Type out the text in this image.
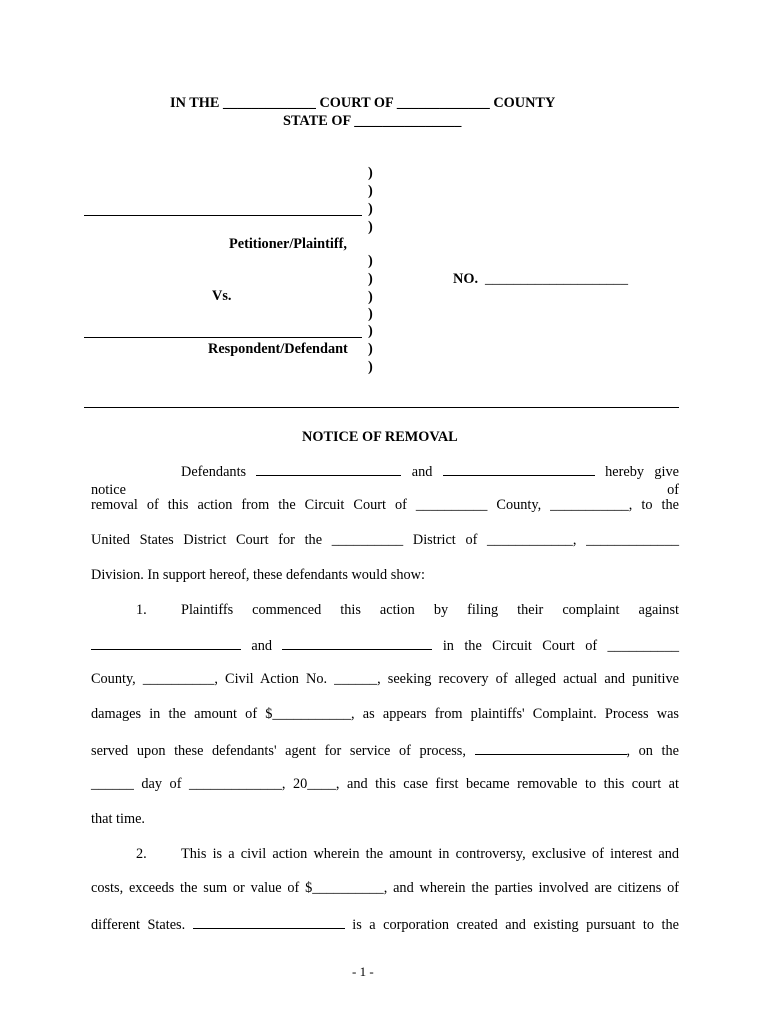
IN THE _____________ COURT OF _____________ COUNTY
STATE OF _______________
)
)
)
)
)
)
)
)
)
)
)
Petitioner/Plaintiff,
Vs.
Respondent/Defendant
NO. ____________________
NOTICE OF REMOVAL
Defendants	and	hereby give notice of
removal of this action from the Circuit Court of __________ County, ___________, to the
United States District Court for the __________ District of ____________, _____________
Division. In support hereof, these defendants would show:
1. Plaintiffs commenced this action by filing their complaint against
and	in the Circuit Court of __________
County, __________, Civil Action No. ______, seeking recovery of alleged actual and punitive
damages in the amount of $___________, as appears from plaintiffs' Complaint. Process was
served upon these defendants' agent for service of process,	, on the
______ day of _____________, 20____, and this case first became removable to this court at
that time.
2. This is a civil action wherein the amount in controversy, exclusive of interest and
costs, exceeds the sum or value of $__________, and wherein the parties involved are citizens of
different States.	is a corporation created and existing pursuant to the
- 1 -
